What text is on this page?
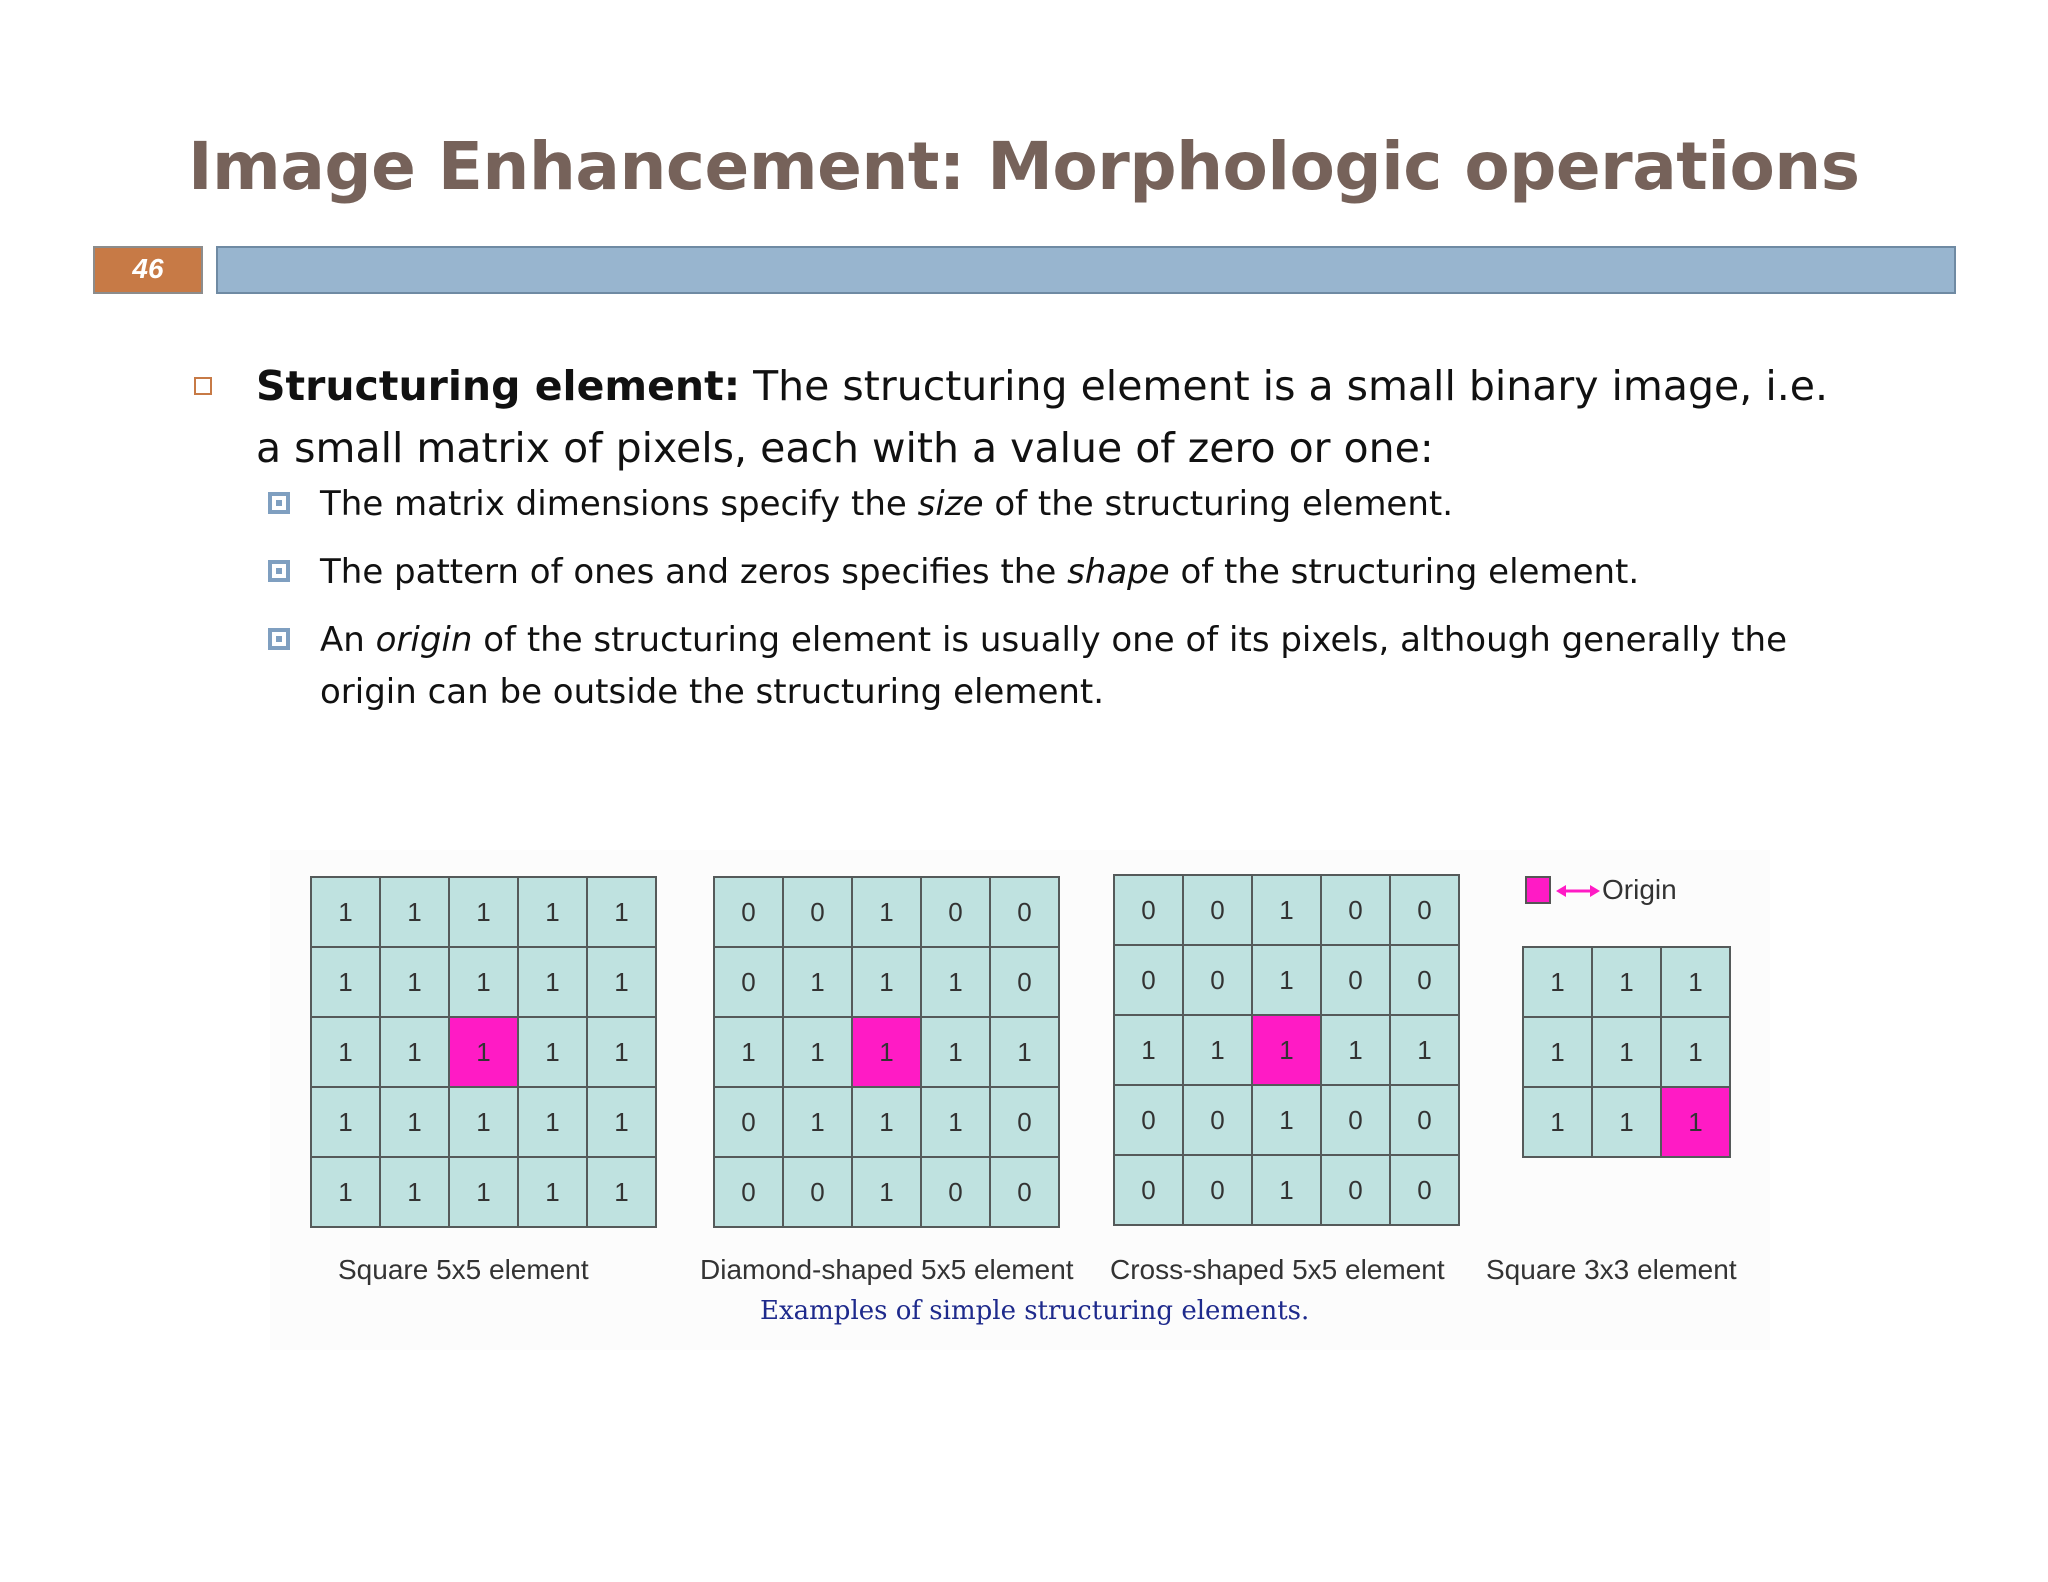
Image Enhancement: Morphologic operations
46
Structuring element: The structuring element is a small binary image, i.e. a small matrix of pixels, each with a value of zero or one:
The matrix dimensions specify the size of the structuring element.
The pattern of ones and zeros specifies the shape of the structuring element.
An origin of the structuring element is usually one of its pixels, although generally the origin can be outside the structuring element.
1	1	1	1	1
1	1	1	1	1
1	1	1	1	1
1	1	1	1	1
1	1	1	1	1
0	0	1	0	0
0	1	1	1	0
1	1	1	1	1
0	1	1	1	0
0	0	1	0	0
0	0	1	0	0
0	0	1	0	0
1	1	1	1	1
0	0	1	0	0
0	0	1	0	0
1	1	1
1	1	1
1	1	1
Square 5x5 element	Diamond-shaped 5x5 element Cross-shaped 5x5 element Square 3x3 element
Origin
Examples of simple structuring elements.
